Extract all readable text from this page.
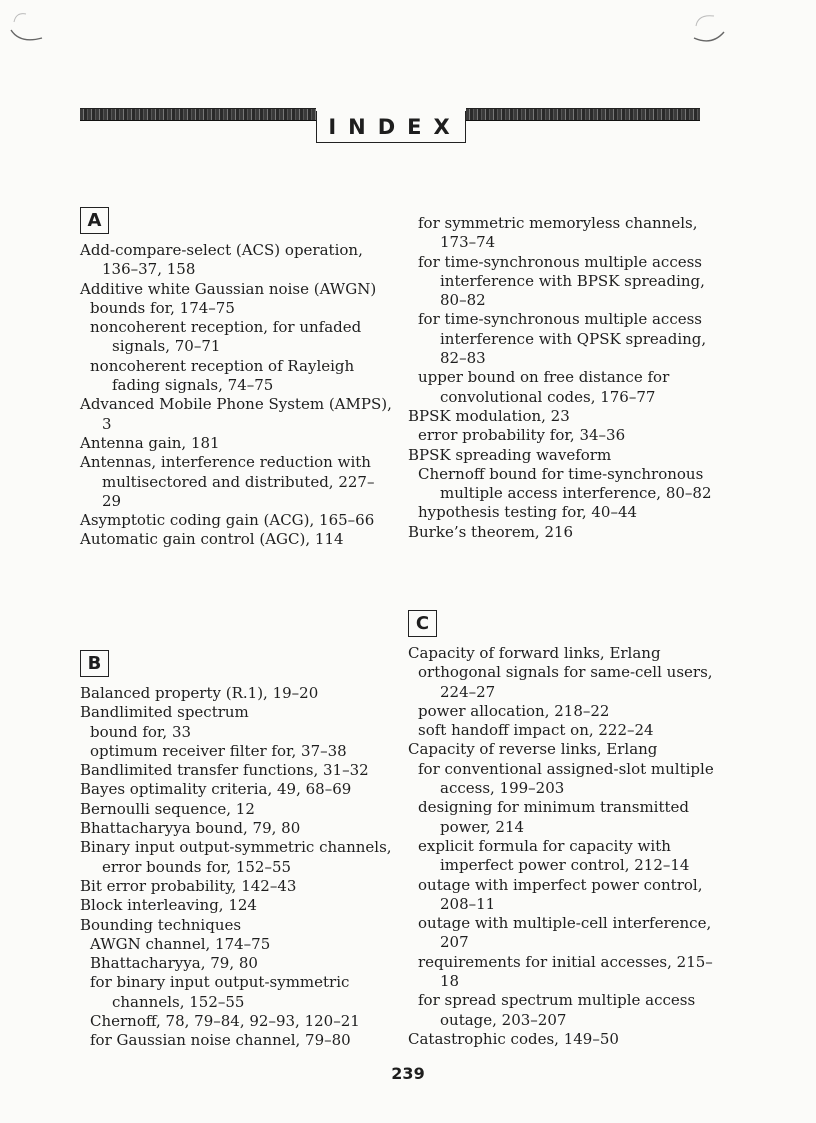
INDEX
A

Add-compare-select (ACS) operation, 136–37, 158

Additive white Gaussian noise (AWGN)

bounds for, 174–75

noncoherent reception, for unfaded signals, 70–71

noncoherent reception of Rayleigh fading signals, 74–75

Advanced Mobile Phone System (AMPS), 3

Antenna gain, 181

Antennas, interference reduction with multisectored and distributed, 227–29

Asymptotic coding gain (ACG), 165–66

Automatic gain control (AGC), 114

B

Balanced property (R.1), 19–20

Bandlimited spectrum

bound for, 33

optimum receiver filter for, 37–38

Bandlimited transfer functions, 31–32

Bayes optimality criteria, 49, 68–69

Bernoulli sequence, 12

Bhattacharyya bound, 79, 80

Binary input output-symmetric channels, error bounds for, 152–55

Bit error probability, 142–43

Block interleaving, 124

Bounding techniques

AWGN channel, 174–75

Bhattacharyya, 79, 80

for binary input output-symmetric channels, 152–55

Chernoff, 78, 79–84, 92–93, 120–21

for Gaussian noise channel, 79–80

for symmetric memoryless channels, 173–74

for time-synchronous multiple access interference with BPSK spreading, 80–82

for time-synchronous multiple access interference with QPSK spreading, 82–83

upper bound on free distance for convolutional codes, 176–77

BPSK modulation, 23

error probability for, 34–36

BPSK spreading waveform

Chernoff bound for time-synchronous multiple access interference, 80–82

hypothesis testing for, 40–44

Burke’s theorem, 216

C

Capacity of forward links, Erlang

orthogonal signals for same-cell users, 224–27

power allocation, 218–22

soft handoff impact on, 222–24

Capacity of reverse links, Erlang

for conventional assigned-slot multiple access, 199–203

designing for minimum transmitted power, 214

explicit formula for capacity with imperfect power control, 212–14

outage with imperfect power control, 208–11

outage with multiple-cell interference, 207

requirements for initial accesses, 215–18

for spread spectrum multiple access outage, 203–207

Catastrophic codes, 149–50

239
